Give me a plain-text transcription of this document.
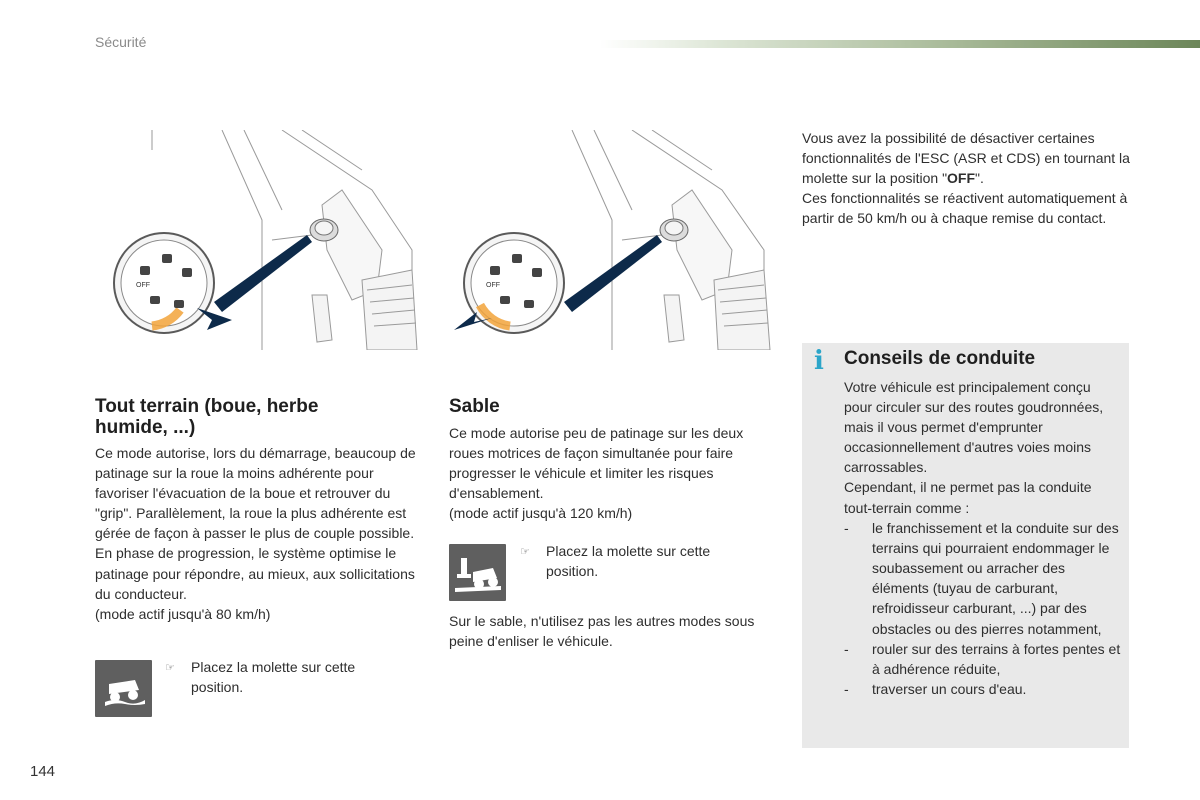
Sécurité
OFF	OFF
Tout terrain (boue, herbe humide, ...)

Ce mode autorise, lors du démarrage, beaucoup de patinage sur la roue la moins adhérente pour favoriser l'évacuation de la boue et retrouver du "grip". Parallèlement, la roue la plus adhérente est gérée de façon à passer le plus de couple possible. En phase de progression, le système optimise le patinage pour répondre, au mieux, aux sollicitations du conducteur.
(mode actif jusqu'à 80 km/h)

☞	Placez la molette sur cette position.
Sable

Ce mode autorise peu de patinage sur les deux roues motrices de façon simultanée pour faire progresser le véhicule et limiter les risques d'ensablement.
(mode actif jusqu'à 120 km/h)

☞	Placez la molette sur cette position.

Sur le sable, n'utilisez pas les autres modes sous peine d'enliser le véhicule.

Vous avez la possibilité de désactiver certaines fonctionnalités de l'ESC (ASR et CDS) en tournant la molette sur la position "OFF".
Ces fonctionnalités se réactivent automatiquement à partir de 50 km/h ou à chaque remise du contact.

i Conseils de conduite

Votre véhicule est principalement conçu pour circuler sur des routes goudronnées, mais il vous permet d'emprunter occasionnellement d'autres voies moins carrossables.

Cependant, il ne permet pas la conduite tout-terrain comme :

- le franchissement et la conduite sur des terrains qui pourraient endommager le soubassement ou arracher des éléments (tuyau de carburant, refroidisseur carburant, ...) par des obstacles ou des pierres notamment,
- rouler sur des terrains à fortes pentes et à adhérence réduite,
- traverser un cours d'eau.
144
